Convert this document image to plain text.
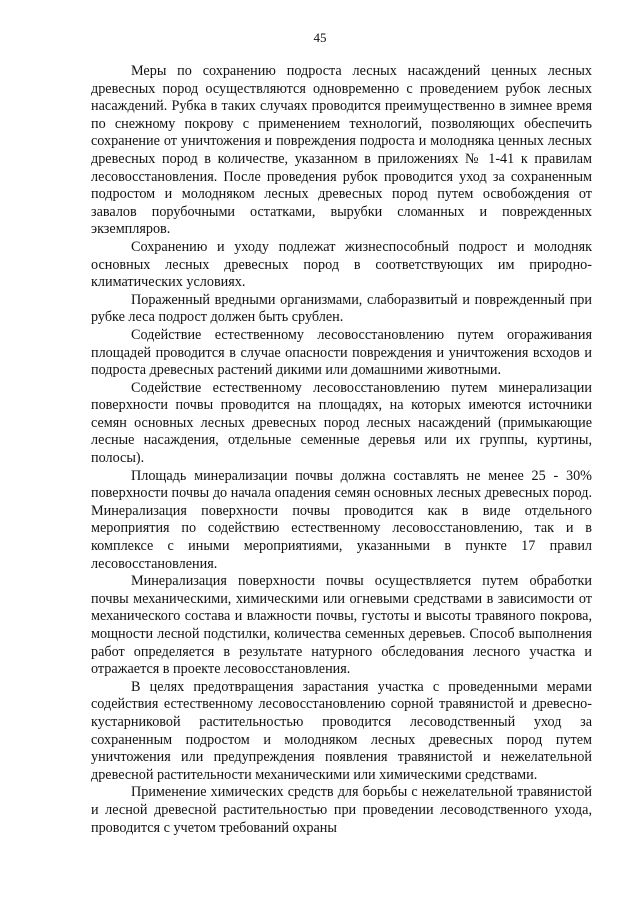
45

Меры по сохранению подроста лесных насаждений ценных лесных древесных пород осуществляются одновременно с проведением рубок лесных насаждений. Рубка в таких случаях проводится преимущественно в зимнее время по снежному покрову с применением технологий, позволяющих обеспечить сохранение от уничтожения и повреждения подроста и молодняка ценных лесных древесных пород в количестве, указанном в приложениях № 1-41 к правилам лесовосстановления. После проведения рубок проводится уход за сохраненным подростом и молодняком лесных древесных пород путем освобождения от завалов порубочными остатками, вырубки сломанных и поврежденных экземпляров.

Сохранению и уходу подлежат жизнеспособный подрост и молодняк основных лесных древесных пород в соответствующих им природно-климатических условиях.

Пораженный вредными организмами, слаборазвитый и поврежденный при рубке леса подрост должен быть срублен.

Содействие естественному лесовосстановлению путем огораживания площадей проводится в случае опасности повреждения и уничтожения всходов и подроста древесных растений дикими или домашними животными.

Содействие естественному лесовосстановлению путем минерализации поверхности почвы проводится на площадях, на которых имеются источники семян основных лесных древесных пород лесных насаждений (примыкающие лесные насаждения, отдельные семенные деревья или их группы, куртины, полосы).

Площадь минерализации почвы должна составлять не менее 25 - 30% поверхности почвы до начала опадения семян основных лесных древесных пород. Минерализация поверхности почвы проводится как в виде отдельного мероприятия по содействию естественному лесовосстановлению, так и в комплексе с иными мероприятиями, указанными в пункте 17 правил лесовосстановления.

Минерализация поверхности почвы осуществляется путем обработки почвы механическими, химическими или огневыми средствами в зависимости от механического состава и влажности почвы, густоты и высоты травяного покрова, мощности лесной подстилки, количества семенных деревьев. Способ выполнения работ определяется в результате натурного обследования лесного участка и отражается в проекте лесовосстановления.

В целях предотвращения зарастания участка с проведенными мерами содействия естественному лесовосстановлению сорной травянистой и древесно-кустарниковой растительностью проводится лесоводственный уход за сохраненным подростом и молодняком лесных древесных пород путем уничтожения или предупреждения появления травянистой и нежелательной древесной растительности механическими или химическими средствами.

Применение химических средств для борьбы с нежелательной травянистой и лесной древесной растительностью при проведении лесоводственного ухода, проводится с учетом требований охраны
